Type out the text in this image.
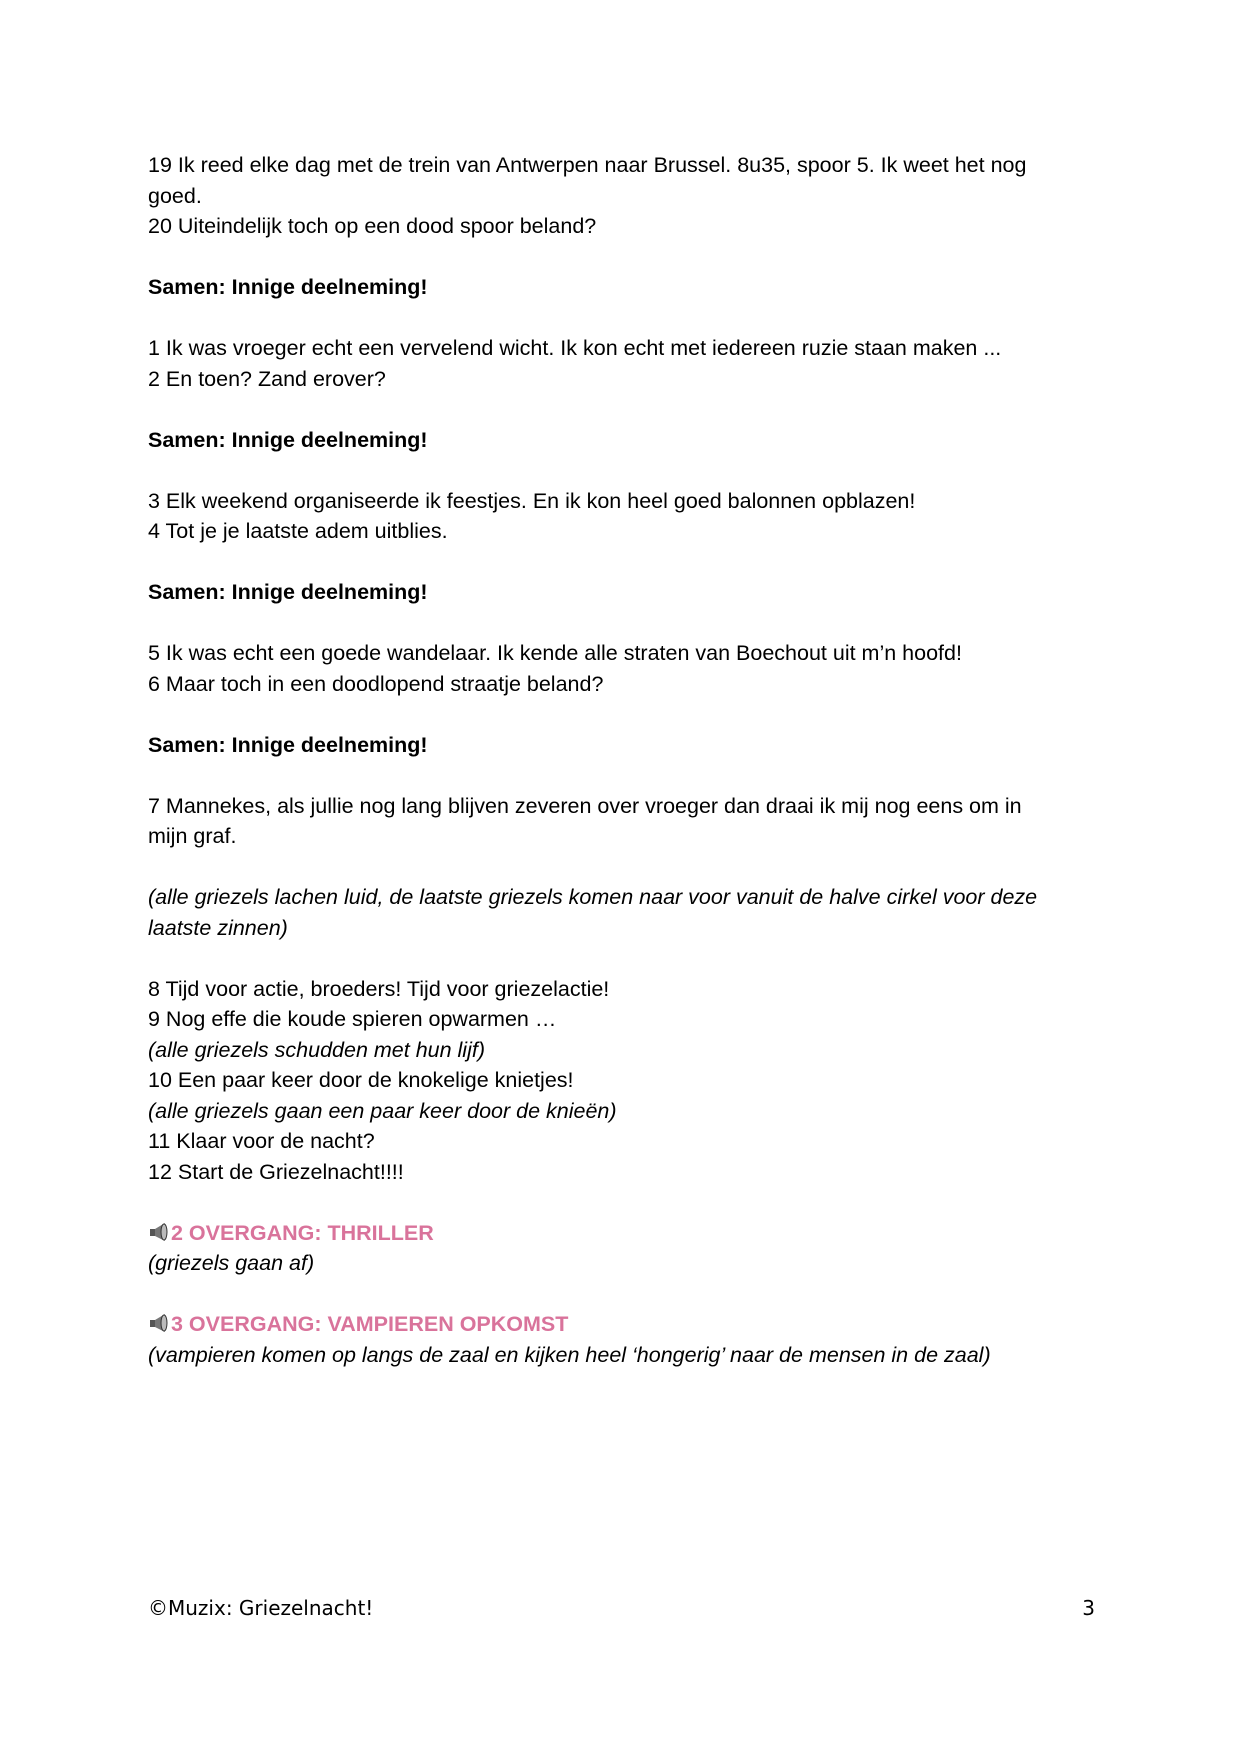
19 Ik reed elke dag met de trein van Antwerpen naar Brussel. 8u35, spoor 5. Ik weet het nog

goed.

20 Uiteindelijk toch op een dood spoor beland?

Samen: Innige deelneming!

1 Ik was vroeger echt een vervelend wicht. Ik kon echt met iedereen ruzie staan maken ...

2 En toen? Zand erover?

Samen: Innige deelneming!

3 Elk weekend organiseerde ik feestjes. En ik kon heel goed balonnen opblazen!

4 Tot je je laatste adem uitblies.

Samen: Innige deelneming!

5 Ik was echt een goede wandelaar. Ik kende alle straten van Boechout uit m’n hoofd!

6 Maar toch in een doodlopend straatje beland?

Samen: Innige deelneming!

7 Mannekes, als jullie nog lang blijven zeveren over vroeger dan draai ik mij nog eens om in

mijn graf.

(alle griezels lachen luid, de laatste griezels komen naar voor vanuit de halve cirkel voor deze

laatste zinnen)

8 Tijd voor actie, broeders! Tijd voor griezelactie!

9 Nog effe die koude spieren opwarmen …

(alle griezels schudden met hun lijf)

10 Een paar keer door de knokelige knietjes!

(alle griezels gaan een paar keer door de knieën)

11 Klaar voor de nacht?

12 Start de Griezelnacht!!!!

2 OVERGANG: THRILLER

(griezels gaan af)

3 OVERGANG: VAMPIEREN OPKOMST

(vampieren komen op langs de zaal en kijken heel ‘hongerig’ naar de mensen in de zaal)

©Muzix: Griezelnacht!	3
